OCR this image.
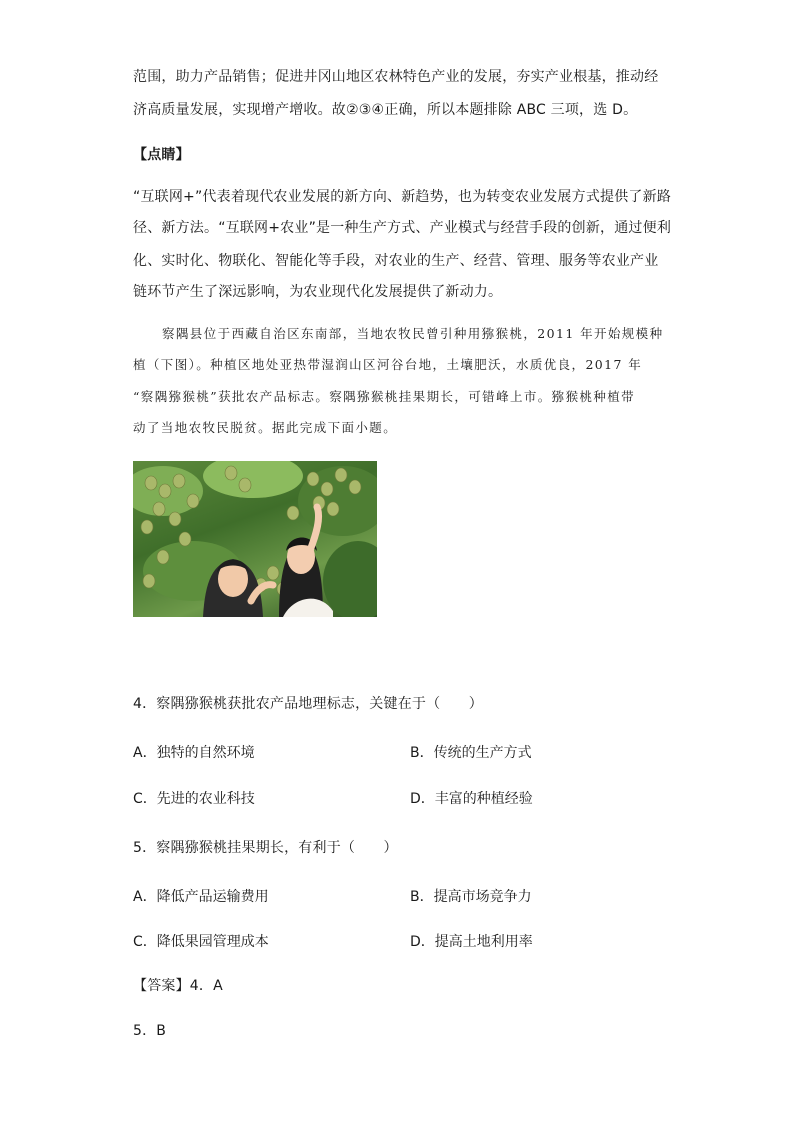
范围，助力产品销售；促进井冈山地区农林特色产业的发展，夯实产业根基，推动经
济高质量发展，实现增产增收。故②③④正确，所以本题排除 ABC 三项，选 D。
【点睛】
“互联网+”代表着现代农业发展的新方向、新趋势，也为转变农业发展方式提供了新路
径、新方法。“互联网+农业”是一种生产方式、产业模式与经营手段的创新，通过便利
化、实时化、物联化、智能化等手段，对农业的生产、经营、管理、服务等农业产业
链环节产生了深远影响，为农业现代化发展提供了新动力。
察隅县位于西藏自治区东南部，当地农牧民曾引种用猕猴桃，2011 年开始规模种
植（下图）。种植区地处亚热带湿润山区河谷台地，土壤肥沃，水质优良，2017 年
“察隅猕猴桃”获批农产品标志。察隅猕猴桃挂果期长，可错峰上市。猕猴桃种植带
动了当地农牧民脱贫。据此完成下面小题。
4．察隅猕猴桃获批农产品地理标志，关键在于（　　）
A．独特的自然环境	B．传统的生产方式
C．先进的农业科技	D．丰富的种植经验
5．察隅猕猴桃挂果期长，有利于（　　）
A．降低产品运输费用	B．提高市场竞争力
C．降低果园管理成本	D．提高土地利用率
【答案】4．A
5．B
